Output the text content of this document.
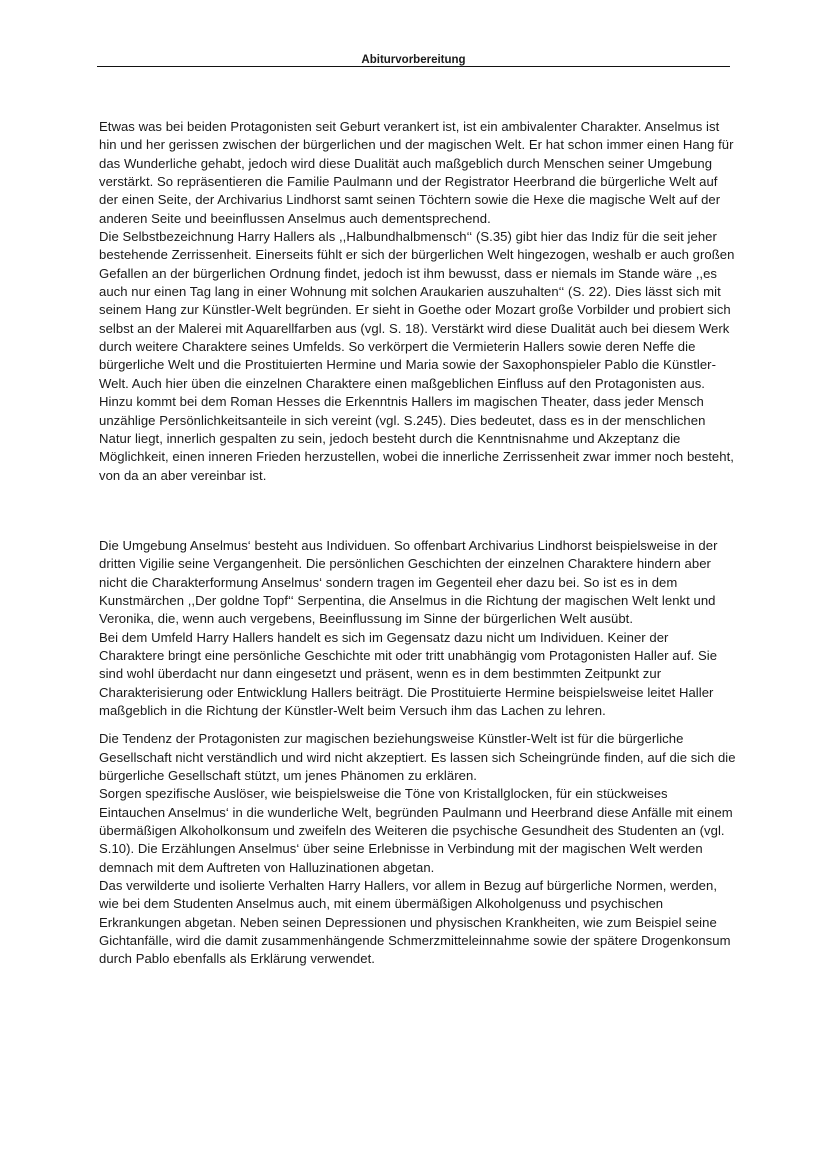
Abiturvorbereitung

Etwas was bei beiden Protagonisten seit Geburt verankert ist, ist ein ambivalenter Charakter. Anselmus ist hin und her gerissen zwischen der bürgerlichen und der magischen Welt. Er hat schon immer einen Hang für das Wunderliche gehabt, jedoch wird diese Dualität auch maßgeblich durch Menschen seiner Umgebung verstärkt. So repräsentieren die Familie Paulmann und der Registrator Heerbrand die bürgerliche Welt auf der einen Seite, der Archivarius Lindhorst samt seinen Töchtern sowie die Hexe die magische Welt auf der anderen Seite und beeinflussen Anselmus auch dementsprechend.

Die Selbstbezeichnung Harry Hallers als ,,Halbundhalbmensch‘‘ (S.35) gibt hier das Indiz für die seit jeher bestehende Zerrissenheit. Einerseits fühlt er sich der bürgerlichen Welt hingezogen, weshalb er auch großen Gefallen an der bürgerlichen Ordnung findet, jedoch ist ihm bewusst, dass er niemals im Stande wäre ,,es auch nur einen Tag lang in einer Wohnung mit solchen Araukarien auszuhalten‘‘ (S. 22). Dies lässt sich mit seinem Hang zur Künstler-Welt begründen. Er sieht in Goethe oder Mozart große Vorbilder und probiert sich selbst an der Malerei mit Aquarellfarben aus (vgl. S. 18). Verstärkt wird diese Dualität auch bei diesem Werk durch weitere Charaktere seines Umfelds. So verkörpert die Vermieterin Hallers sowie deren Neffe die bürgerliche Welt und die Prostituierten Hermine und Maria sowie der Saxophonspieler Pablo die Künstler-Welt. Auch hier üben die einzelnen Charaktere einen maßgeblichen Einfluss auf den Protagonisten aus. Hinzu kommt bei dem Roman Hesses die Erkenntnis Hallers im magischen Theater, dass jeder Mensch unzählige Persönlichkeitsanteile in sich vereint (vgl. S.245). Dies bedeutet, dass es in der menschlichen Natur liegt, innerlich gespalten zu sein, jedoch besteht durch die Kenntnisnahme und Akzeptanz die Möglichkeit, einen inneren Frieden herzustellen, wobei die innerliche Zerrissenheit zwar immer noch besteht, von da an aber vereinbar ist.

Die Umgebung Anselmus‘ besteht aus Individuen. So offenbart Archivarius Lindhorst beispielsweise in der dritten Vigilie seine Vergangenheit. Die persönlichen Geschichten der einzelnen Charaktere hindern aber nicht die Charakterformung Anselmus‘ sondern tragen im Gegenteil eher dazu bei. So ist es in dem Kunstmärchen ,,Der goldne Topf‘‘ Serpentina, die Anselmus in die Richtung der magischen Welt lenkt und Veronika, die, wenn auch vergebens, Beeinflussung im Sinne der bürgerlichen Welt ausübt.

Bei dem Umfeld Harry Hallers handelt es sich im Gegensatz dazu nicht um Individuen. Keiner der Charaktere bringt eine persönliche Geschichte mit oder tritt unabhängig vom Protagonisten Haller auf. Sie sind wohl überdacht nur dann eingesetzt und präsent, wenn es in dem bestimmten Zeitpunkt zur Charakterisierung oder Entwicklung Hallers beiträgt. Die Prostituierte Hermine beispielsweise leitet Haller maßgeblich in die Richtung der Künstler-Welt beim Versuch ihm das Lachen zu lehren.

Die Tendenz der Protagonisten zur magischen beziehungsweise Künstler-Welt ist für die bürgerliche Gesellschaft nicht verständlich und wird nicht akzeptiert. Es lassen sich Scheingründe finden, auf die sich die bürgerliche Gesellschaft stützt, um jenes Phänomen zu erklären.

Sorgen spezifische Auslöser, wie beispielsweise die Töne von Kristallglocken, für ein stückweises Eintauchen Anselmus‘ in die wunderliche Welt, begründen Paulmann und Heerbrand diese Anfälle mit einem übermäßigen Alkoholkonsum und zweifeln des Weiteren die psychische Gesundheit des Studenten an (vgl. S.10). Die Erzählungen Anselmus‘ über seine Erlebnisse in Verbindung mit der magischen Welt werden demnach mit dem Auftreten von Halluzinationen abgetan.

Das verwilderte und isolierte Verhalten Harry Hallers, vor allem in Bezug auf bürgerliche Normen, werden, wie bei dem Studenten Anselmus auch, mit einem übermäßigen Alkoholgenuss und psychischen Erkrankungen abgetan. Neben seinen Depressionen und physischen Krankheiten, wie zum Beispiel seine Gichtanfälle, wird die damit zusammenhängende Schmerzmitteleinnahme sowie der spätere Drogenkonsum durch Pablo ebenfalls als Erklärung verwendet.
